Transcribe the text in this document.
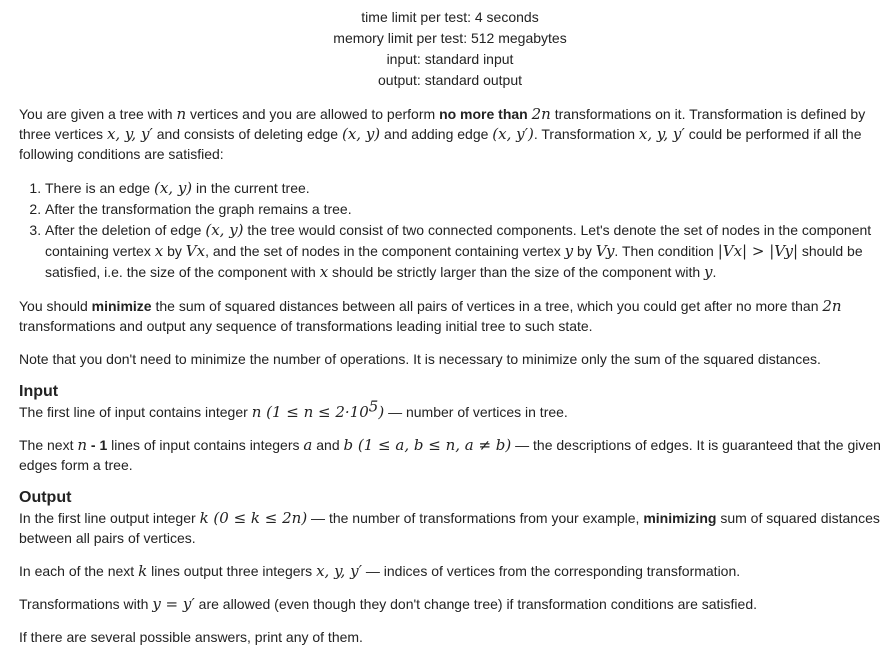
time limit per test: 4 seconds
memory limit per test: 512 megabytes
input: standard input
output: standard output

You are given a tree with n vertices and you are allowed to perform no more than 2n transformations on it. Transformation is defined by three vertices x, y, y′ and consists of deleting edge (x, y) and adding edge (x, y′). Transformation x, y, y′ could be performed if all the following conditions are satisfied:

1. There is an edge (x, y) in the current tree.
2. After the transformation the graph remains a tree.
3. After the deletion of edge (x, y) the tree would consist of two connected components. Let's denote the set of nodes in the component containing vertex x by Vx, and the set of nodes in the component containing vertex y by Vy. Then condition |Vx| > |Vy| should be satisfied, i.e. the size of the component with x should be strictly larger than the size of the component with y.

You should minimize the sum of squared distances between all pairs of vertices in a tree, which you could get after no more than 2n transformations and output any sequence of transformations leading initial tree to such state.

Note that you don't need to minimize the number of operations. It is necessary to minimize only the sum of the squared distances.

Input

The first line of input contains integer n $(1 \le n \le 2\cdot 10^5)$ — number of vertices in tree.

The next n - 1 lines of input contains integers a and b (1 ≤ a, b ≤ n, a ≠ b) — the descriptions of edges. It is guaranteed that the given edges form a tree.

Output

In the first line output integer k (0 ≤ k ≤ 2n) — the number of transformations from your example, minimizing sum of squared distances between all pairs of vertices.

In each of the next k lines output three integers x, y, y′ — indices of vertices from the corresponding transformation.

Transformations with y = y′ are allowed (even though they don't change tree) if transformation conditions are satisfied.

If there are several possible answers, print any of them.
